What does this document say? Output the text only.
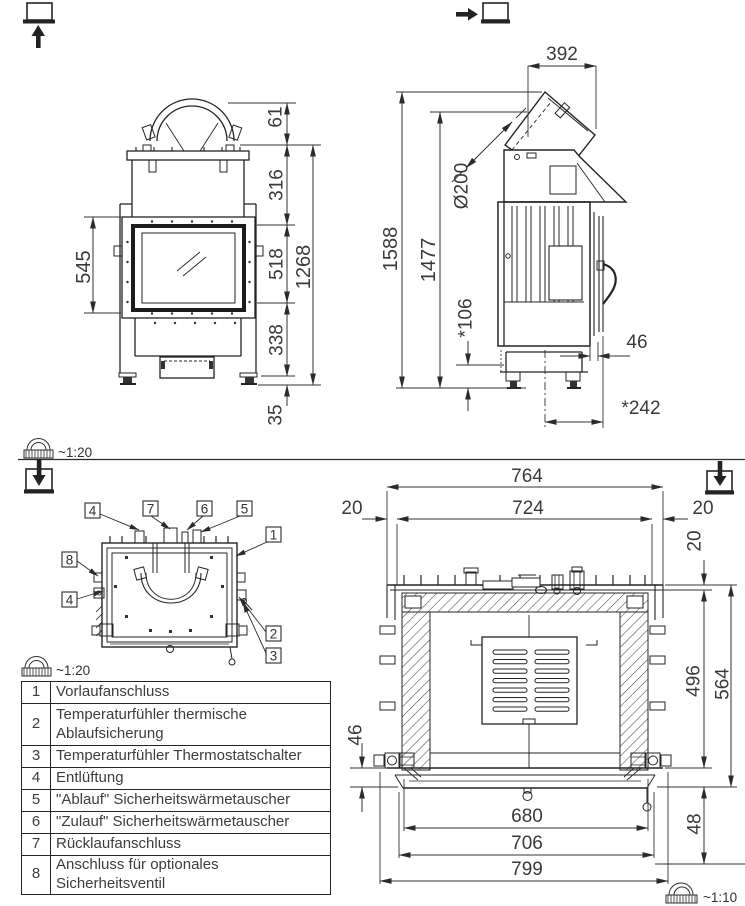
545
61
316
518
338
35
1268
392
Ø200
1588 1477
*106
46
*242
~1:20
4	7	6 5
1
8
4
2
3
~1:20
764
724
20	20
20
496 564
46
680
706
799
48
~1:10
1	Vorlaufanschluss
2	Temperaturfühler thermische Ablaufsicherung
3	Temperaturfühler Thermostatschalter
4	Entlüftung
5	"Ablauf" Sicherheitswärmetauscher
6	"Zulauf" Sicherheitswärmetauscher
7	Rücklaufanschluss
8	Anschluss für optionales Sicherheitsventil
